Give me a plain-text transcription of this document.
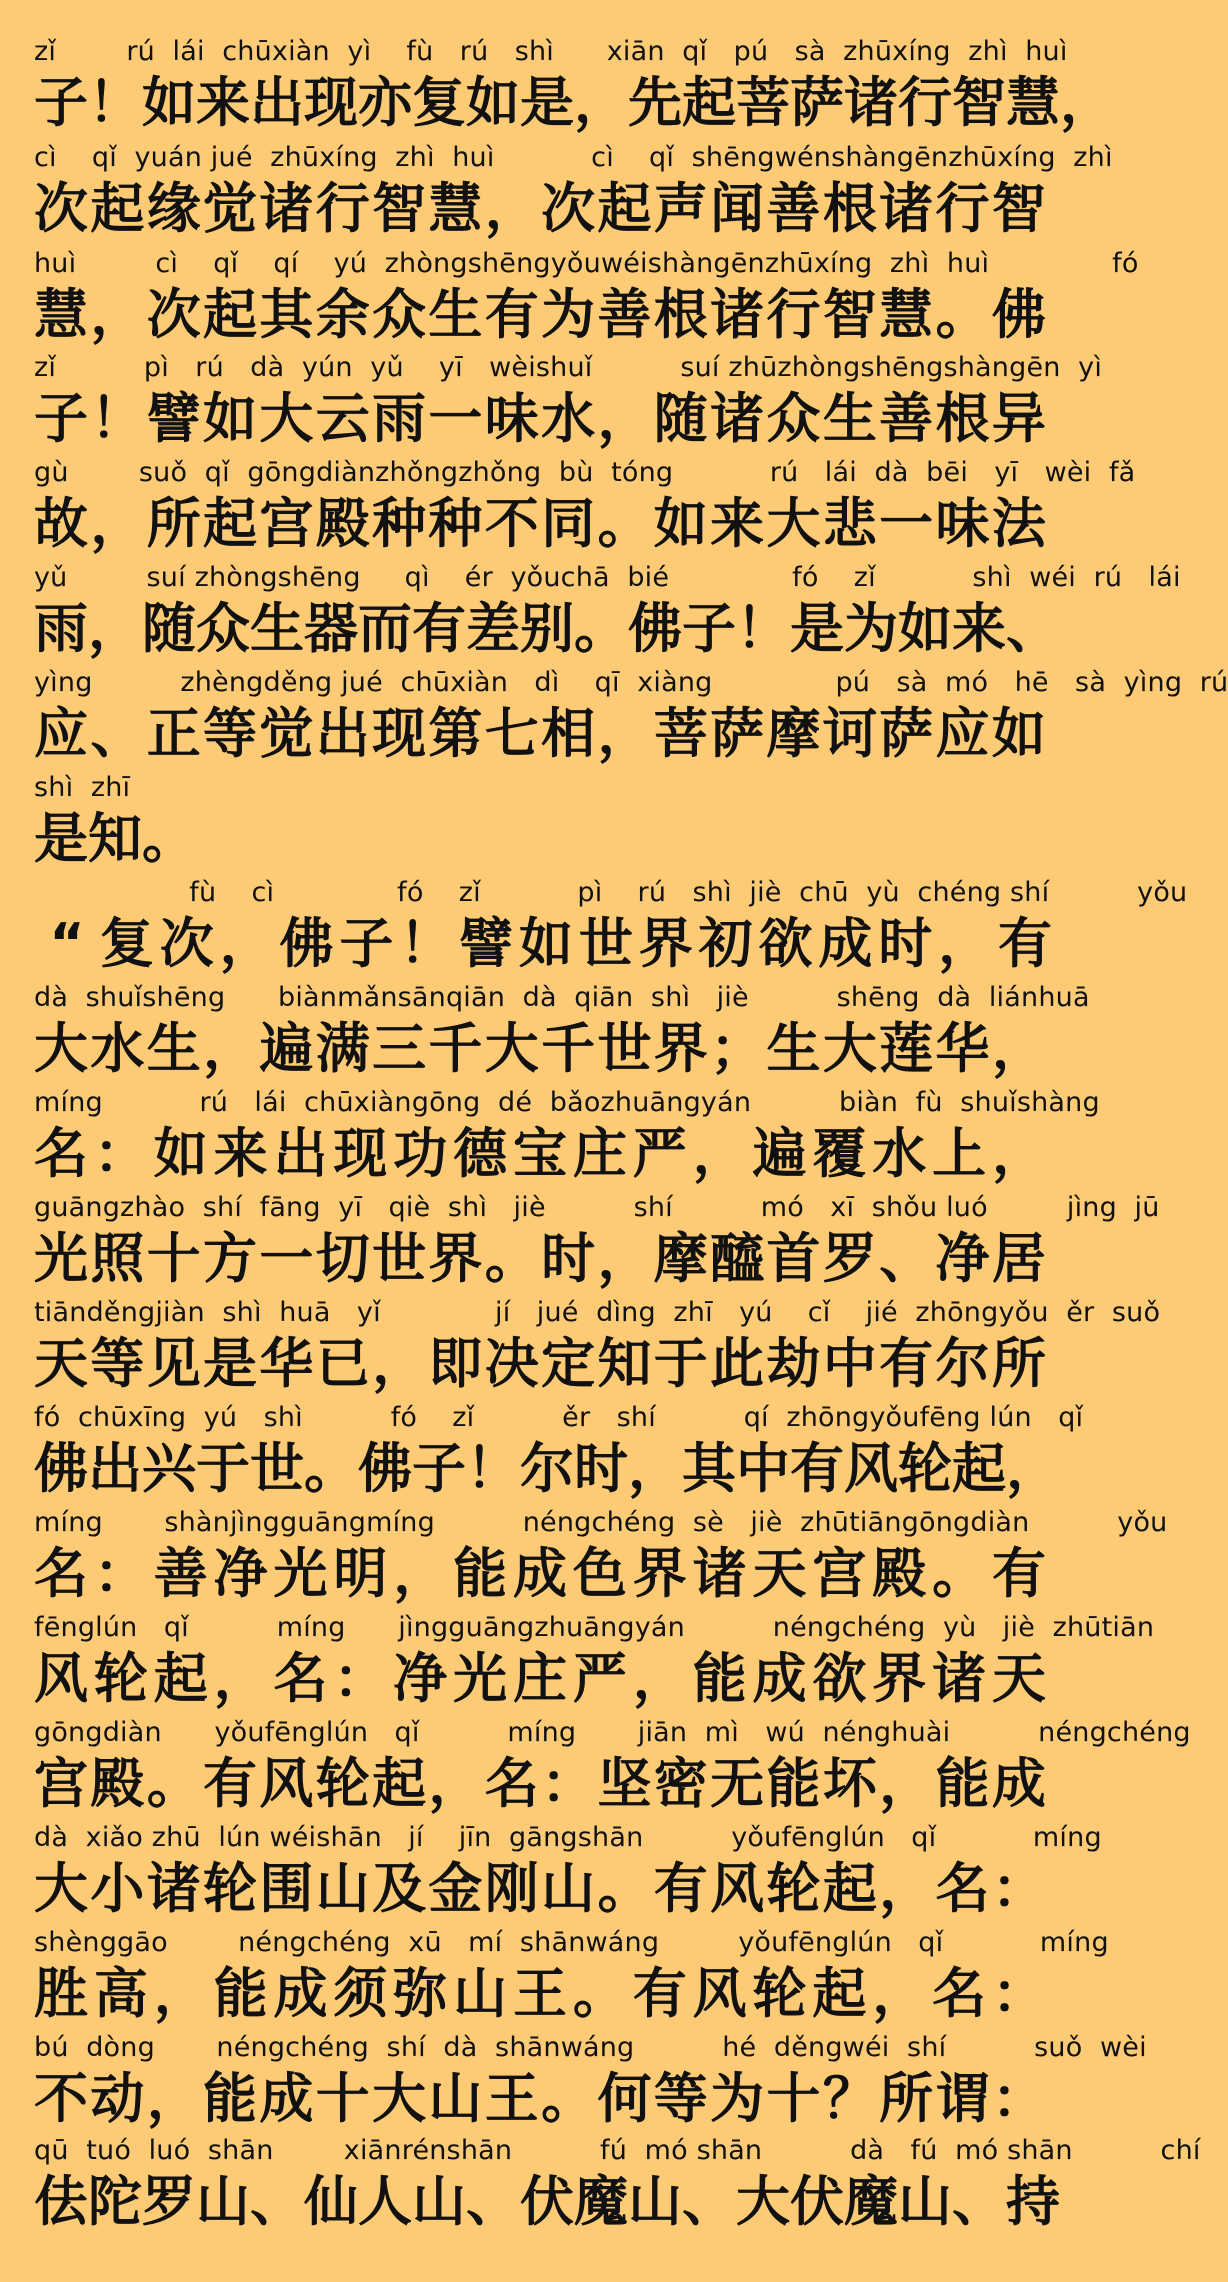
zǐ        rú  lái  chūxiàn  yì    fù   rú   shì      xiān  qǐ   pú   sà  zhūxíng  zhì  huì
子 ！ 如 来 出 现 亦 复 如 是 ， 先 起 菩 萨 诸 行 智 慧 ，
cì    qǐ  yuán jué  zhūxíng  zhì  huì           cì    qǐ  shēngwénshàngēnzhūxíng  zhì
次 起 缘 觉 诸 行 智 慧 ， 次 起 声 闻 善 根 诸 行 智
huì         cì    qǐ    qí    yú  zhòngshēngyǒuwéishàngēnzhūxíng  zhì  huì              fó
慧 ， 次 起 其 余 众 生 有 为 善 根 诸 行 智 慧 。 佛
zǐ          pì   rú   dà  yún  yǔ    yī   wèishuǐ          suí zhūzhòngshēngshàngēn  yì
子 ！ 譬 如 大 云 雨 一 味 水 ， 随 诸 众 生 善 根 异
gù        suǒ  qǐ  gōngdiànzhǒngzhǒng  bù  tóng           rú   lái  dà  bēi   yī   wèi  fǎ
故 ， 所 起 宫 殿 种 种 不 同 。 如 来 大 悲 一 味 法
yǔ         suí zhòngshēng     qì    ér  yǒuchā  bié              fó    zǐ           shì  wéi  rú   lái
雨 ， 随 众 生 器 而 有 差 别 。 佛 子 ！ 是 为 如 来 、
yìng          zhèngděng jué  chūxiàn   dì    qī  xiàng              pú   sà  mó   hē   sà  yìng  rú
应 、 正 等 觉 出 现 第 七 相 ， 菩 萨 摩 诃 萨 应 如
shì  zhī
是 知 。
fù    cì              fó    zǐ           pì    rú   shì  jiè  chū  yù  chéng shí          yǒu
“ 复 次 ， 佛 子 ！ 譬 如 世 界 初 欲 成 时 ， 有
dà  shuǐshēng      biànmǎnsānqiān  dà  qiān  shì   jiè          shēng  dà  liánhuā
大 水 生 ， 遍 满 三 千 大 千 世 界 ； 生 大 莲 华 ，
míng           rú   lái  chūxiàngōng  dé  bǎozhuāngyán          biàn  fù  shuǐshàng
名 ： 如 来 出 现 功 德 宝 庄 严 ， 遍 覆 水 上 ，
guāngzhào  shí  fāng  yī   qiè  shì   jiè          shí          mó   xī  shǒu luó         jìng  jū
光 照 十 方 一 切 世 界 。 时 ， 摩 醯 首 罗 、 净 居
tiānděngjiàn  shì  huā   yǐ             jí   jué  dìng  zhī   yú    cǐ    jié  zhōngyǒu  ěr  suǒ
天 等 见 是 华 已 ， 即 决 定 知 于 此 劫 中 有 尔 所
fó  chūxīng  yú   shì          fó    zǐ          ěr   shí          qí  zhōngyǒufēng lún   qǐ
佛 出 兴 于 世 。 佛 子 ！ 尔 时 ， 其 中 有 风 轮 起 ，
míng       shànjìngguāngmíng          néngchéng  sè   jiè  zhūtiāngōngdiàn          yǒu
名 ： 善 净 光 明 ， 能 成 色 界 诸 天 宫 殿 。 有
fēnglún   qǐ          míng      jìngguāngzhuāngyán          néngchéng  yù   jiè  zhūtiān
风 轮 起 ， 名 ： 净 光 庄 严 ， 能 成 欲 界 诸 天
gōngdiàn      yǒufēnglún   qǐ          míng       jiān  mì   wú  nénghuài          néngchéng
宫 殿 。 有 风 轮 起 ， 名 ： 坚 密 无 能 坏 ， 能 成
dà  xiǎo zhū  lún wéishān   jí    jīn  gāngshān          yǒufēnglún   qǐ           míng
大 小 诸 轮 围 山 及 金 刚 山 。 有 风 轮 起 ， 名 ：
shènggāo        néngchéng  xū   mí  shānwáng         yǒufēnglún   qǐ           míng
胜 高 ， 能 成 须 弥 山 王 。 有 风 轮 起 ， 名 ：
bú  dòng       néngchéng  shí  dà  shānwáng          hé  děngwéi  shí          suǒ  wèi
不 动 ， 能 成 十 大 山 王 。 何 等 为 十 ？ 所 谓 ：
qū  tuó  luó  shān        xiānrénshān          fú  mó shān          dà   fú  mó shān          chí
佉 陀 罗 山 、 仙 人 山 、 伏 魔 山 、 大 伏 魔 山 、 持
